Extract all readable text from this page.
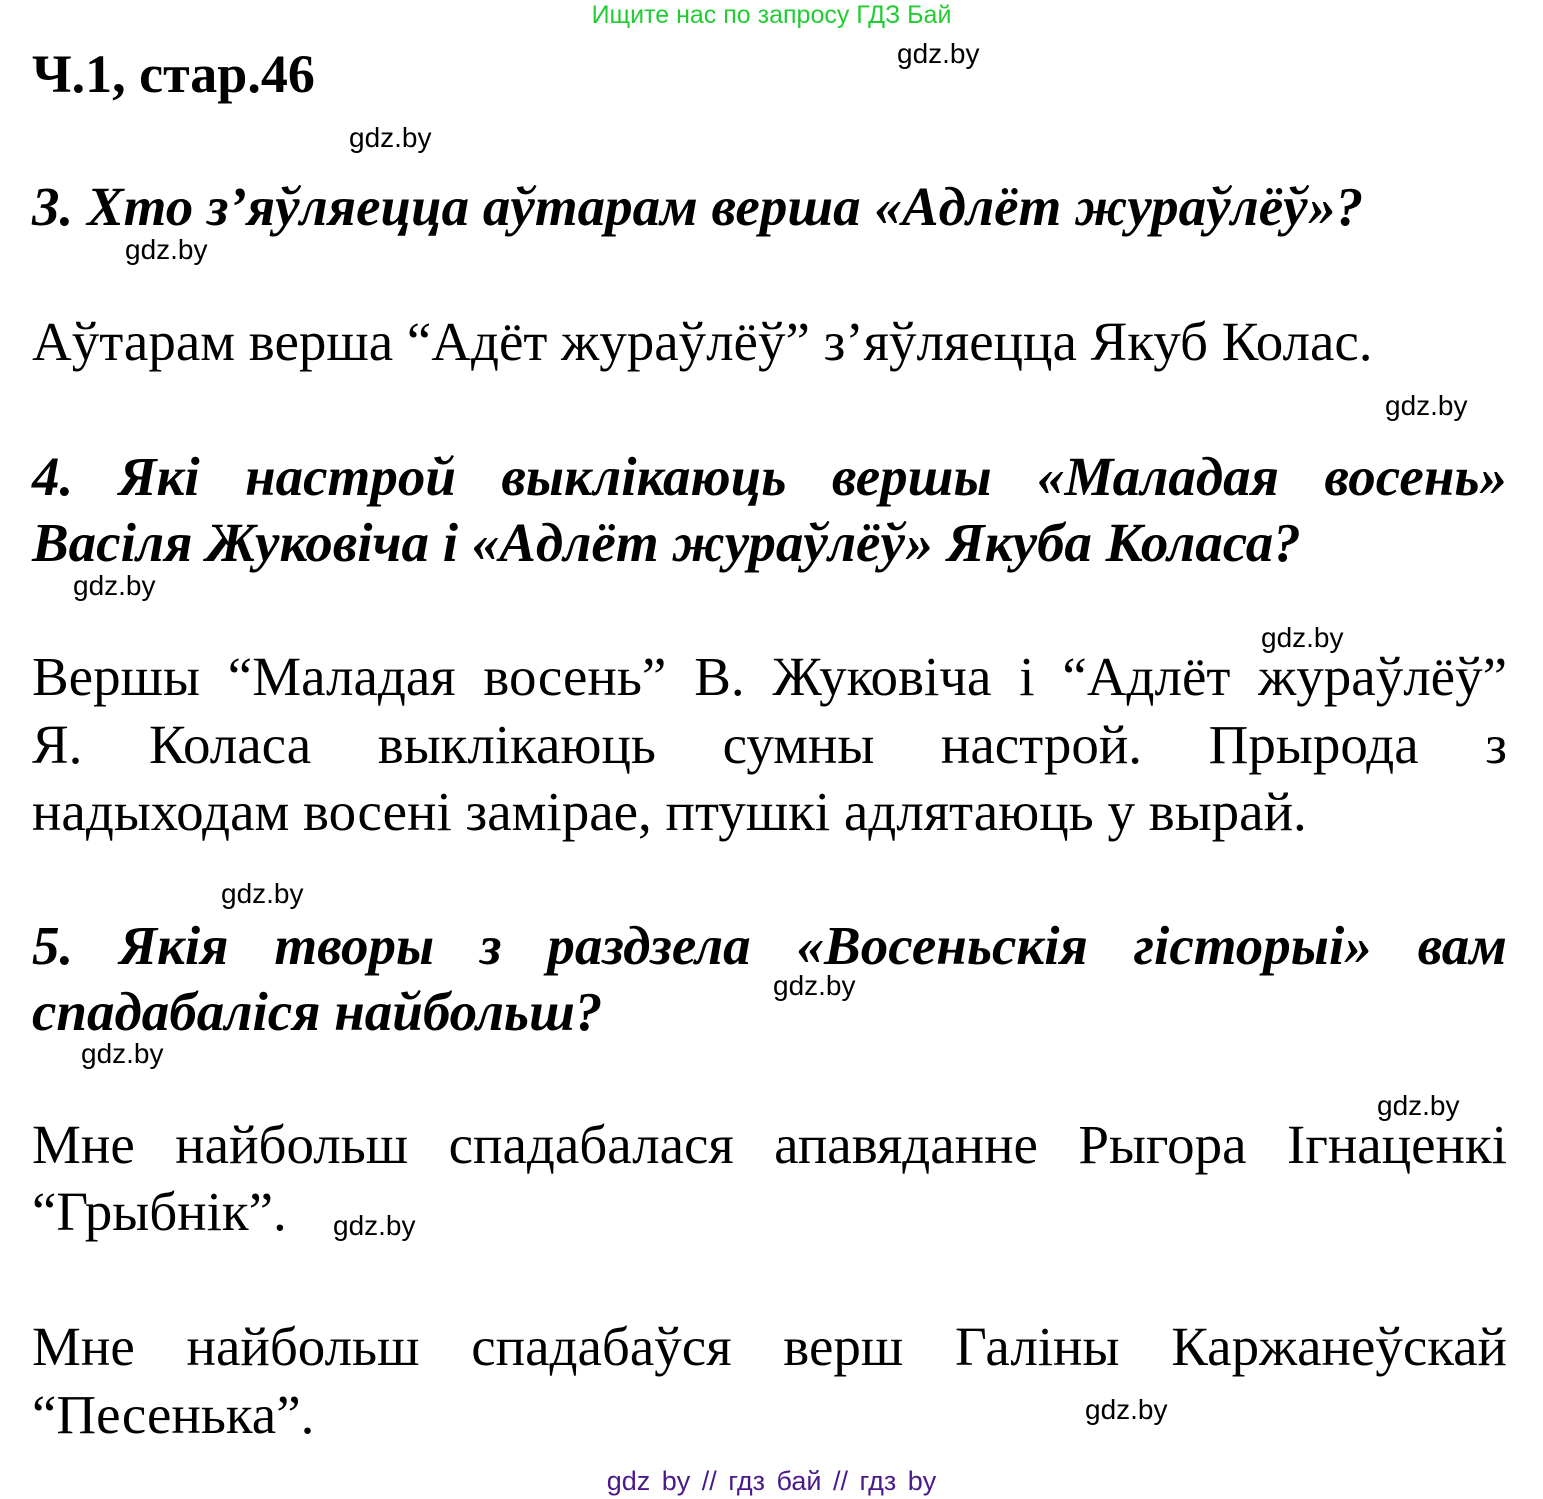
Ищите нас по запросу ГДЗ Бай
Ч.1, стар.46
3. Хто з’яўляецца аўтарам верша «Адлёт жураўлёў»?
Аўтарам верша “Адёт жураўлёў” з’яўляецца Якуб Колас.
4. Які настрой выклікаюць вершы «Маладая восень»
Васіля Жуковіча і «Адлёт жураўлёў» Якуба Коласа?
Вершы “Маладая восень” В. Жуковіча і “Адлёт жураўлёў”
Я. Коласа выклікаюць сумны настрой. Прырода з
надыходам восені замірае, птушкі адлятаюць у вырай.
5. Якія творы з раздзела «Восеньскія гісторыі» вам
спадабаліся найбольш?
Мне найбольш спадабалася апавяданне Рыгора Ігнаценкі
“Грыбнік”.
Мне найбольш спадабаўся верш Галіны Каржанеўскай
“Песенька”.
gdz.by
gdz.by
gdz.by
gdz.by
gdz.by
gdz.by
gdz.by
gdz.by
gdz.by
gdz.by
gdz.by
gdz.by
gdz by // гдз бай // гдз by
